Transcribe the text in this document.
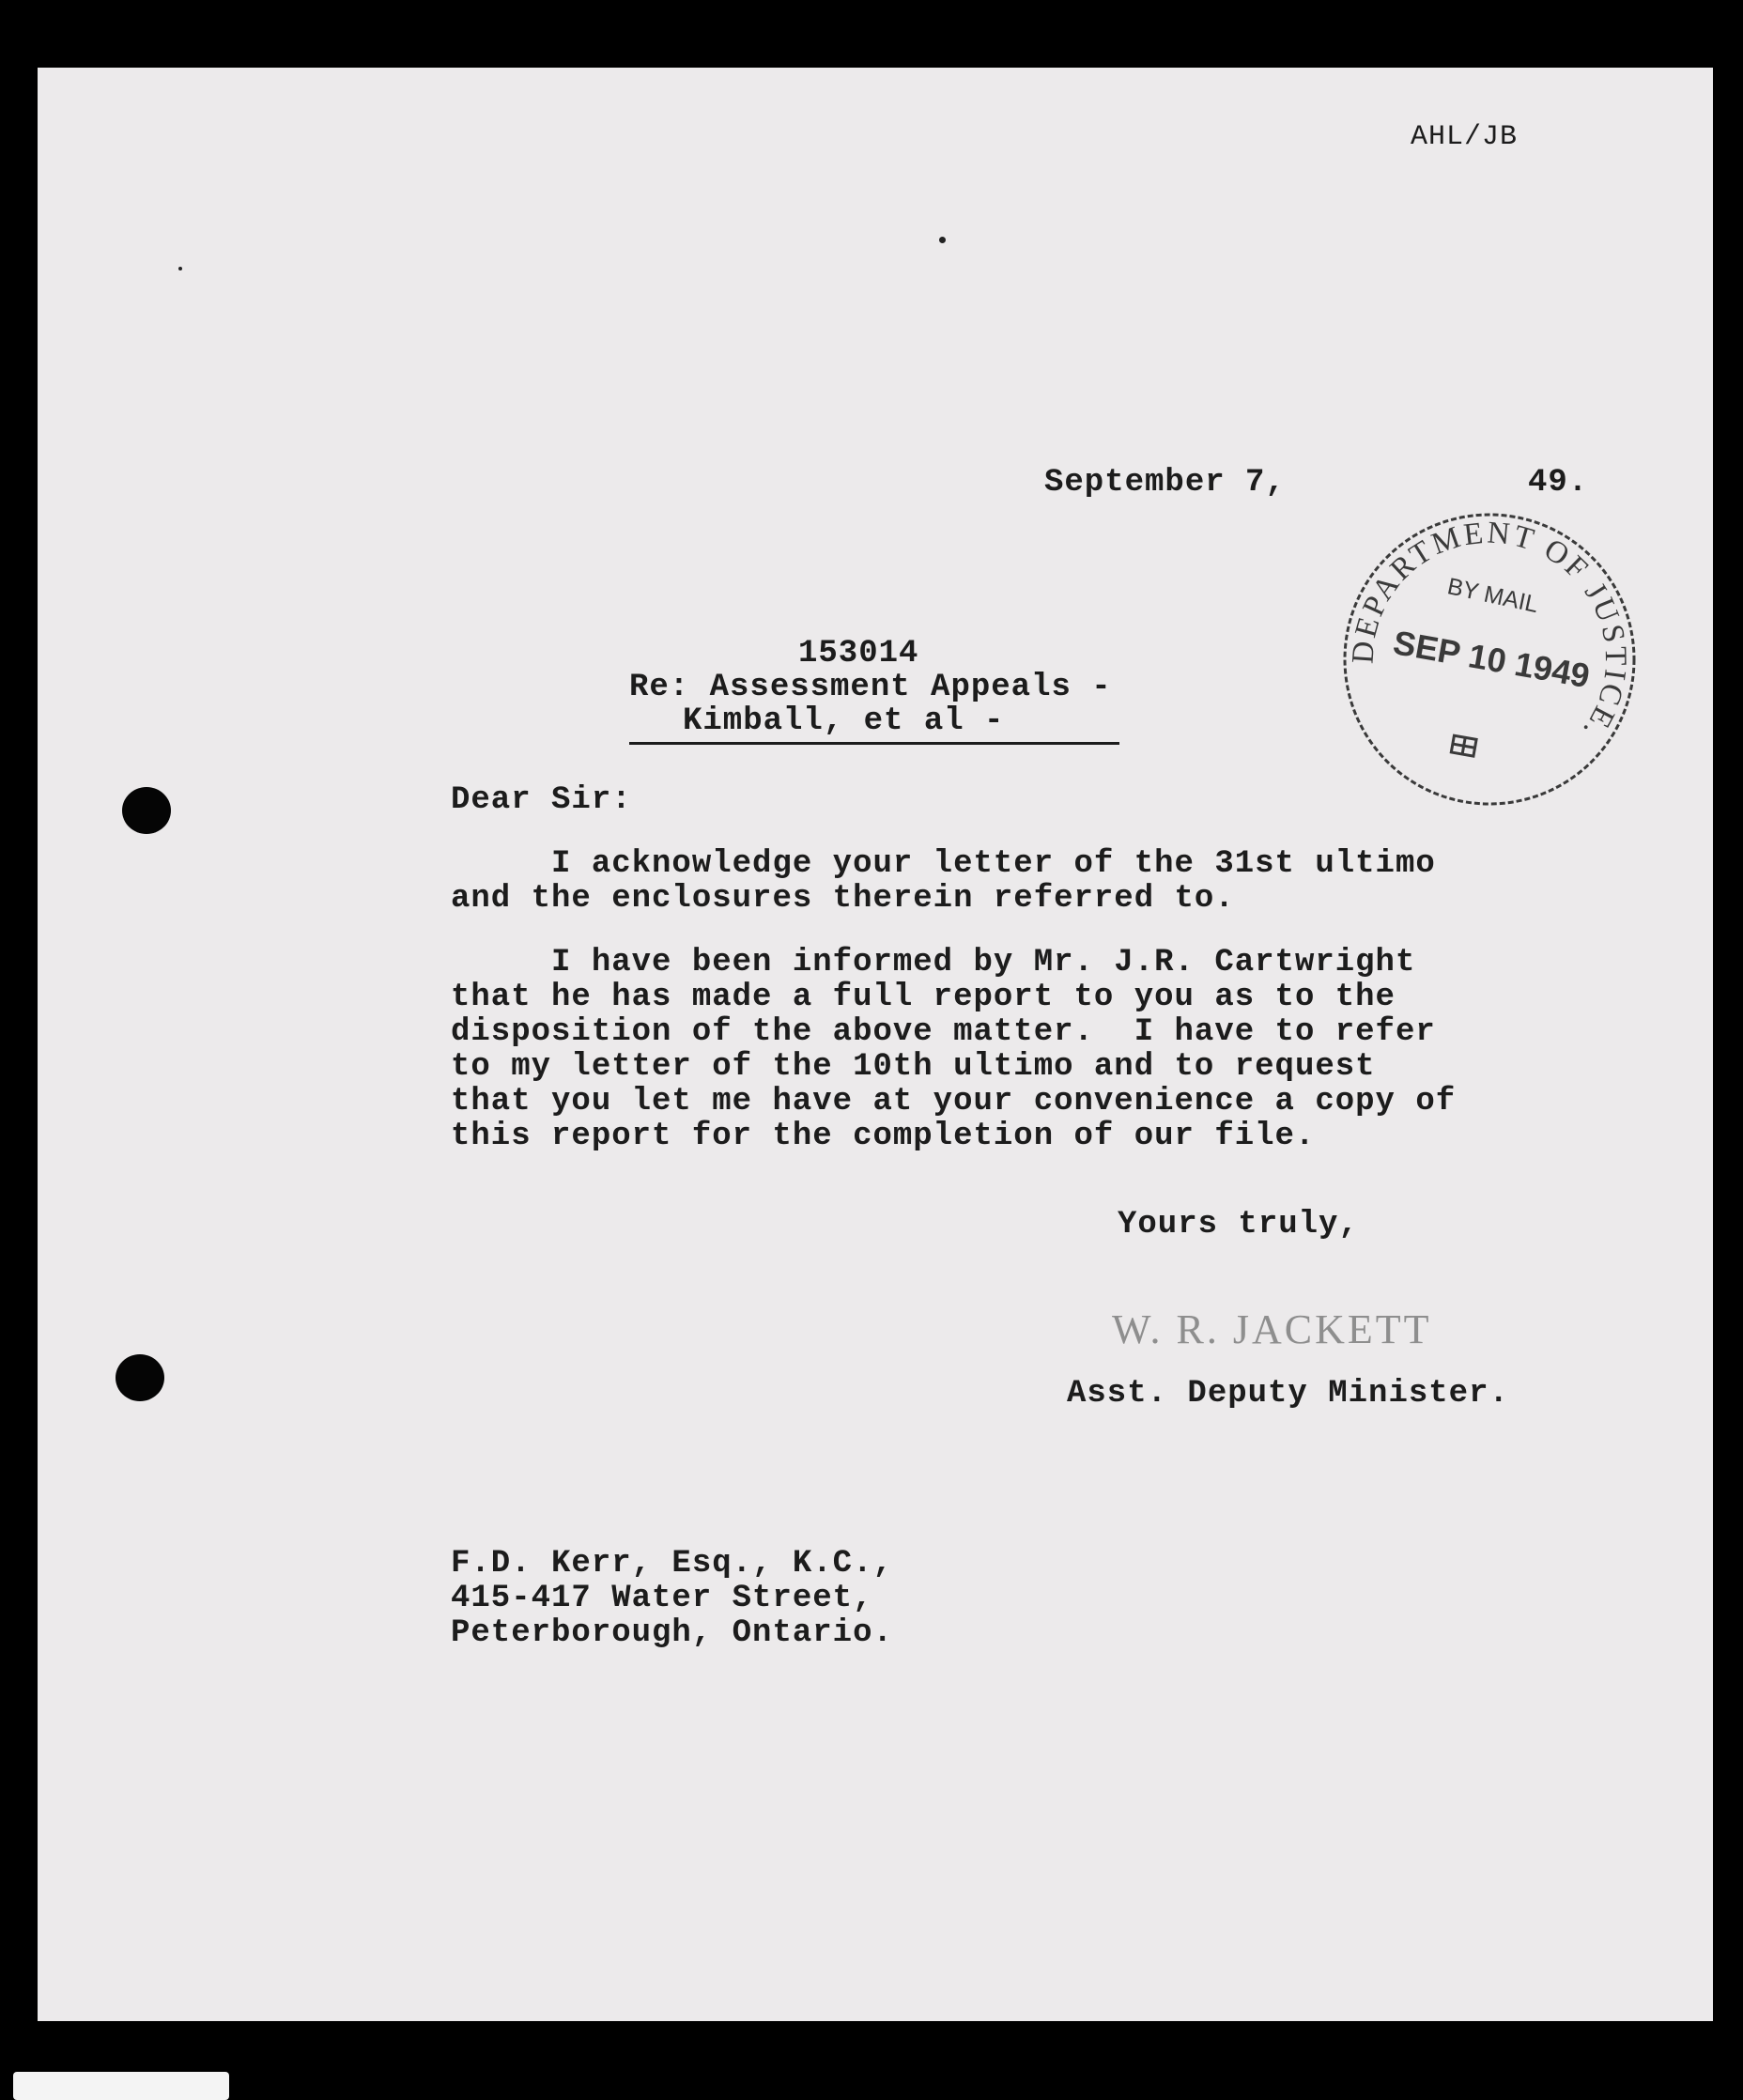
AHL/JB
September 7,	49.
DEPARTMENT OF JUSTICE.
BY MAIL
SEP 10 1949
153014
Re: Assessment Appeals -
Kimball, et al -
Dear Sir:
I acknowledge your letter of the 31st ultimo
and the enclosures therein referred to.
I have been informed by Mr. J.R. Cartwright
that he has made a full report to you as to the
disposition of the above matter.  I have to refer
to my letter of the 10th ultimo and to request
that you let me have at your convenience a copy of
this report for the completion of our file.
Yours truly,
W. R. JACKETT
Asst. Deputy Minister.
F.D. Kerr, Esq., K.C.,
415-417 Water Street,
Peterborough, Ontario.
